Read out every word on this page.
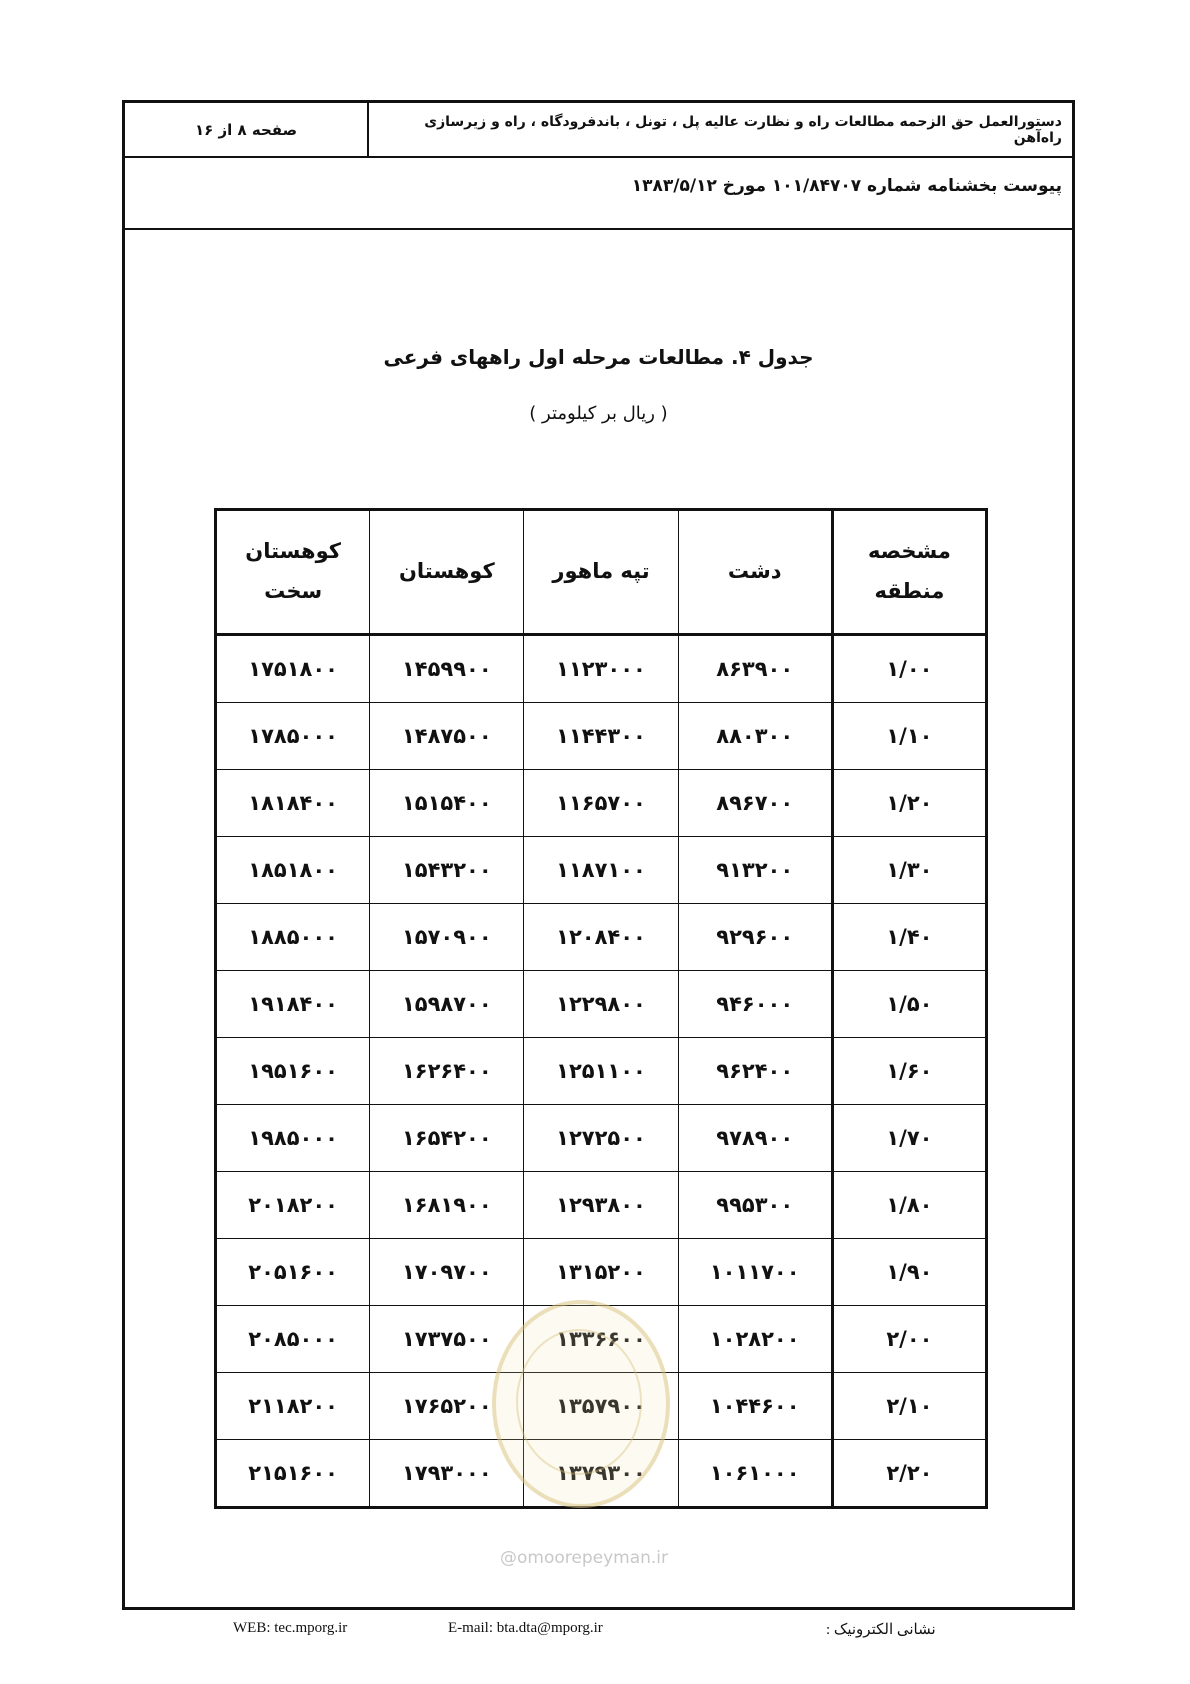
دستورالعمل حق الزحمه مطالعات راه و نظارت عالیه پل ، تونل ، باندفرودگاه ، راه و زیرسازی راه‌آهن
صفحه ۸ از ۱۶
پیوست بخشنامه شماره ۱۰۱/۸۴۷۰۷ مورخ ۱۳۸۳/۵/۱۲
جدول ۴. مطالعات مرحله اول راههای فرعی
( ریال بر کیلومتر )
مشخصه منطقه	دشت	تپه ماهور	کوهستان	کوهستان سخت
۱/۰۰	۸۶۳۹۰۰	۱۱۲۳۰۰۰	۱۴۵۹۹۰۰	۱۷۵۱۸۰۰
۱/۱۰	۸۸۰۳۰۰	۱۱۴۴۳۰۰	۱۴۸۷۵۰۰	۱۷۸۵۰۰۰
۱/۲۰	۸۹۶۷۰۰	۱۱۶۵۷۰۰	۱۵۱۵۴۰۰	۱۸۱۸۴۰۰
۱/۳۰	۹۱۳۲۰۰	۱۱۸۷۱۰۰	۱۵۴۳۲۰۰	۱۸۵۱۸۰۰
۱/۴۰	۹۲۹۶۰۰	۱۲۰۸۴۰۰	۱۵۷۰۹۰۰	۱۸۸۵۰۰۰
۱/۵۰	۹۴۶۰۰۰	۱۲۲۹۸۰۰	۱۵۹۸۷۰۰	۱۹۱۸۴۰۰
۱/۶۰	۹۶۲۴۰۰	۱۲۵۱۱۰۰	۱۶۲۶۴۰۰	۱۹۵۱۶۰۰
۱/۷۰	۹۷۸۹۰۰	۱۲۷۲۵۰۰	۱۶۵۴۲۰۰	۱۹۸۵۰۰۰
۱/۸۰	۹۹۵۳۰۰	۱۲۹۳۸۰۰	۱۶۸۱۹۰۰	۲۰۱۸۲۰۰
۱/۹۰	۱۰۱۱۷۰۰	۱۳۱۵۲۰۰	۱۷۰۹۷۰۰	۲۰۵۱۶۰۰
۲/۰۰	۱۰۲۸۲۰۰	۱۳۳۶۶۰۰	۱۷۳۷۵۰۰	۲۰۸۵۰۰۰
۲/۱۰	۱۰۴۴۶۰۰	۱۳۵۷۹۰۰	۱۷۶۵۲۰۰	۲۱۱۸۲۰۰
۲/۲۰	۱۰۶۱۰۰۰	۱۳۷۹۳۰۰	۱۷۹۳۰۰۰	۲۱۵۱۶۰۰
@omoorepeyman.ir
WEB: tec.mporg.ir	E-mail: bta.dta@mporg.ir	نشانی الکترونیک :
